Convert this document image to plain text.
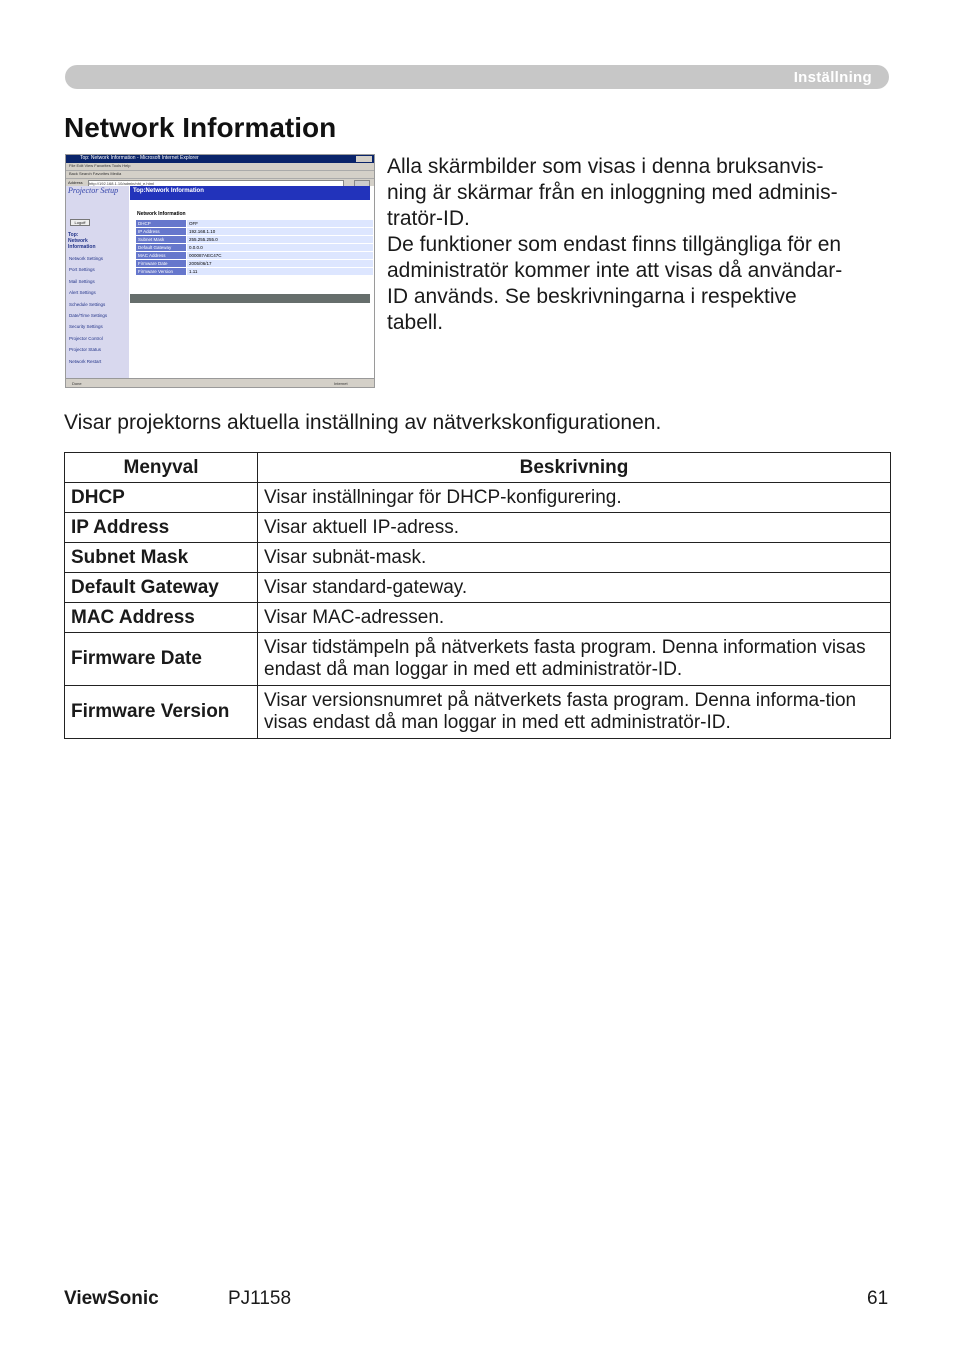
Inställning
Network Information
Top: Network Information - Microsoft Internet Explorer
File Edit View Favorites Tools Help
Back Search Favorites Media
Address http://192.168.1.10/admin/nhi_e.html
Projector Setup
Logoff
Top:
Network
Information
Network Settings
Port Settings
Mail Settings
Alert Settings
Schedule Settings
Date/Time Settings
Security Settings
Projector Control
Projector Status
Network Restart
Top:Network Information
Network Information
DHCP	OFF
IP Address	192.168.1.10
Subnet Mask	255.255.255.0
Default Gateway	0.0.0.0
MAC Address	000087AEC47C
Firmware Date	2005/06/17
Firmware Version	1.11
Done	Internet

Alla skärmbilder som visas i denna bruksanvis-
ning är skärmar från en inloggning med adminis-
tratör-ID.
De funktioner som endast finns tillgängliga för en
administratör kommer inte att visas då användar-
ID används. Se beskrivningarna i respektive
tabell.

Visar projektorns aktuella inställning av nätverkskonfigurationen.

Menyval	Beskrivning
DHCP	Visar inställningar för DHCP-konfigurering.
IP Address	Visar aktuell IP-adress.
Subnet Mask	Visar subnät-mask.
Default Gateway	Visar standard-gateway.
MAC Address	Visar MAC-adressen.
Firmware Date	Visar tidstämpeln på nätverkets fasta program. Denna information visas endast då man loggar in med ett administratör-ID.
Firmware Version	Visar versionsnumret på nätverkets fasta program. Denna informa-tion visas endast då man loggar in med ett administratör-ID.
ViewSonic	PJ1158	61
